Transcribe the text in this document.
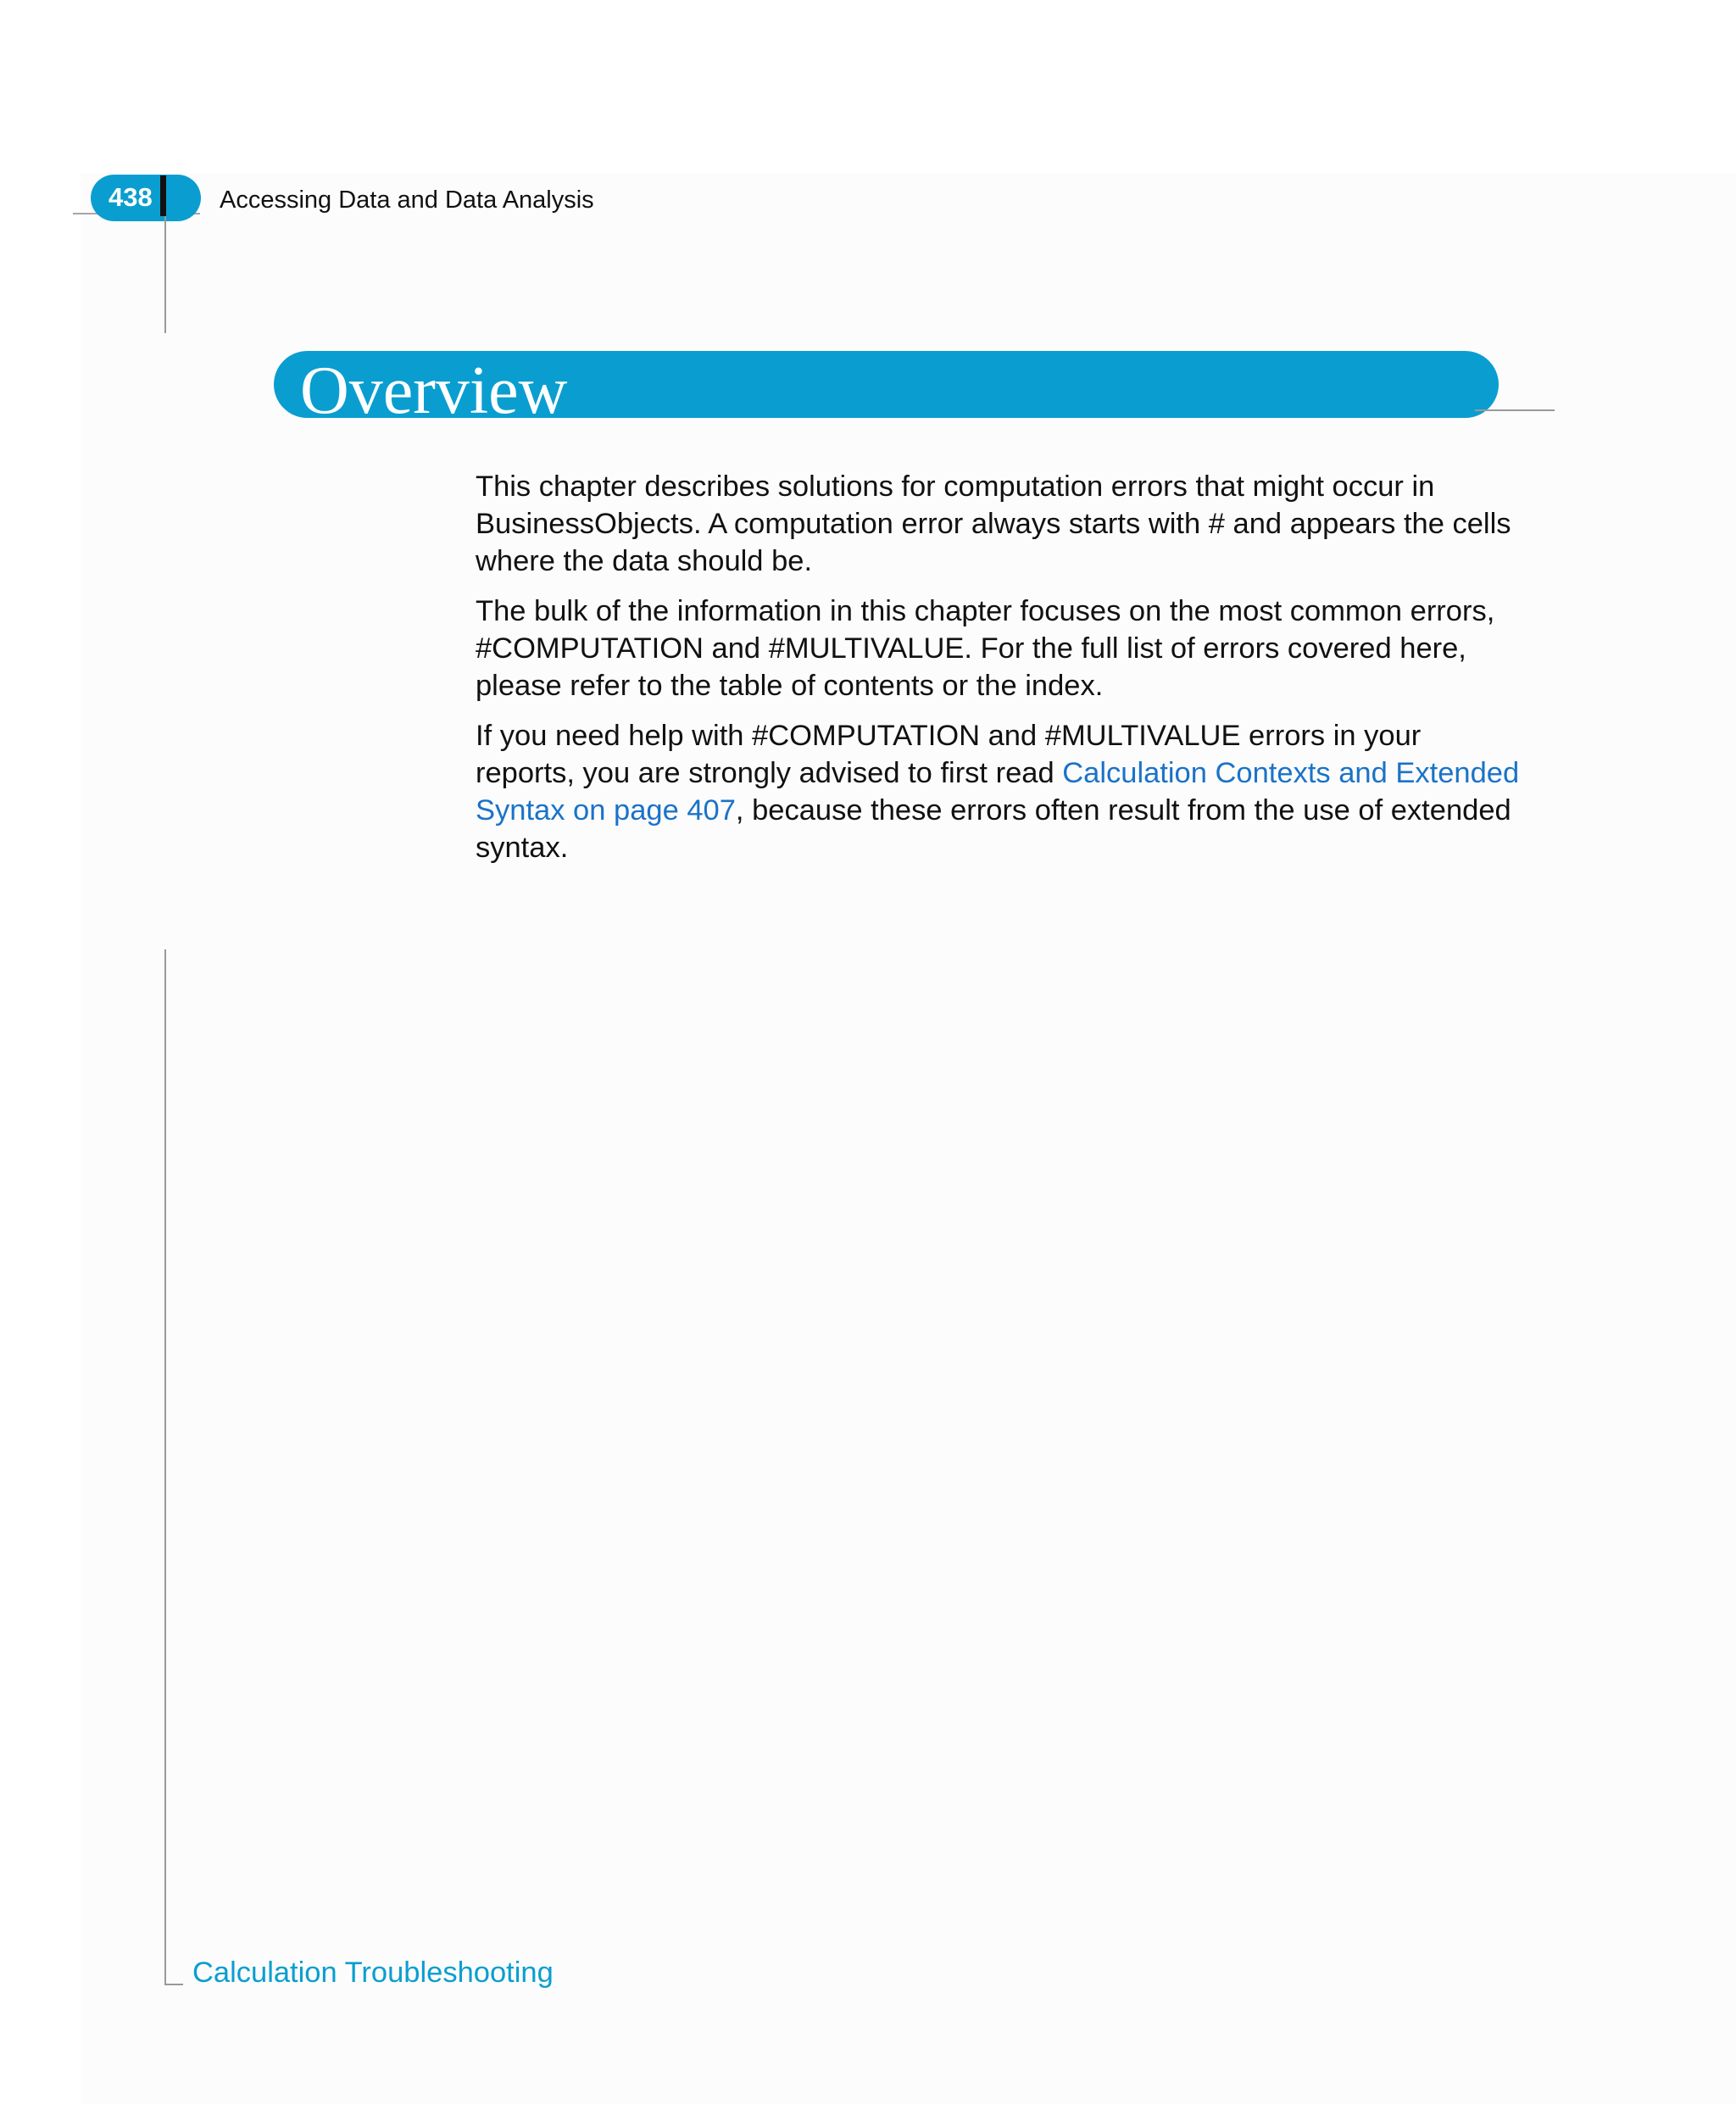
438	Accessing Data and Data Analysis
Overview

This chapter describes solutions for computation errors that might occur in
BusinessObjects. A computation error always starts with # and appears the cells
where the data should be.

The bulk of the information in this chapter focuses on the most common errors,
#COMPUTATION and #MULTIVALUE. For the full list of errors covered here,
please refer to the table of contents or the index.

If you need help with #COMPUTATION and #MULTIVALUE errors in your
reports, you are strongly advised to first read Calculation Contexts and Extended
Syntax on page 407, because these errors often result from the use of extended
syntax.

Calculation Troubleshooting
